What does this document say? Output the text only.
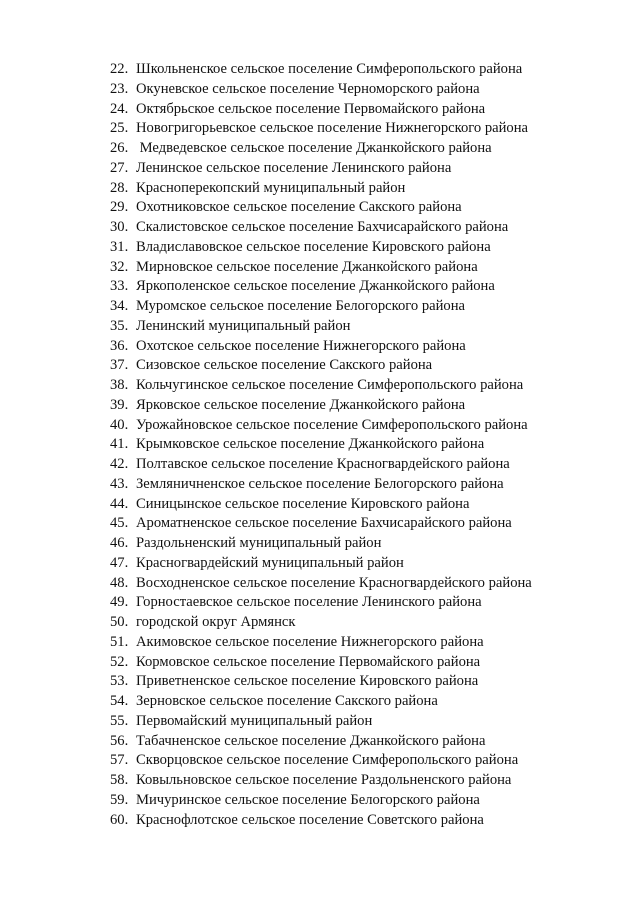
22. Школьненское сельское поселение Симферопольского района
23. Окуневское сельское поселение Черноморского района
24. Октябрьское сельское поселение Первомайского района
25. Новогригорьевское сельское поселение Нижнегорского района
26. Медведевское сельское поселение Джанкойского района
27. Ленинское сельское поселение Ленинского района
28. Красноперекопский муниципальный район
29. Охотниковское сельское поселение Сакского района
30. Скалистовское сельское поселение Бахчисарайского района
31. Владиславовское сельское поселение Кировского района
32. Мирновское сельское поселение Джанкойского района
33. Яркополенское сельское поселение Джанкойского района
34. Муромское сельское поселение Белогорского района
35. Ленинский муниципальный район
36. Охотское сельское поселение Нижнегорского района
37. Сизовское сельское поселение Сакского района
38. Кольчугинское сельское поселение Симферопольского района
39. Ярковское сельское поселение Джанкойского района
40. Урожайновское сельское поселение Симферопольского района
41. Крымковское сельское поселение Джанкойского района
42. Полтавское сельское поселение Красногвардейского района
43. Земляничненское сельское поселение Белогорского района
44. Синицынское сельское поселение Кировского района
45. Ароматненское сельское поселение Бахчисарайского района
46. Раздольненский муниципальный район
47. Красногвардейский муниципальный район
48. Восходненское сельское поселение Красногвардейского района
49. Горностаевское сельское поселение Ленинского района
50. городской округ Армянск
51. Акимовское сельское поселение Нижнегорского района
52. Кормовское сельское поселение Первомайского района
53. Приветненское сельское поселение Кировского района
54. Зерновское сельское поселение Сакского района
55. Первомайский муниципальный район
56. Табачненское сельское поселение Джанкойского района
57. Скворцовское сельское поселение Симферопольского района
58. Ковыльновское сельское поселение Раздольненского района
59. Мичуринское сельское поселение Белогорского района
60. Краснофлотское сельское поселение Советского района
